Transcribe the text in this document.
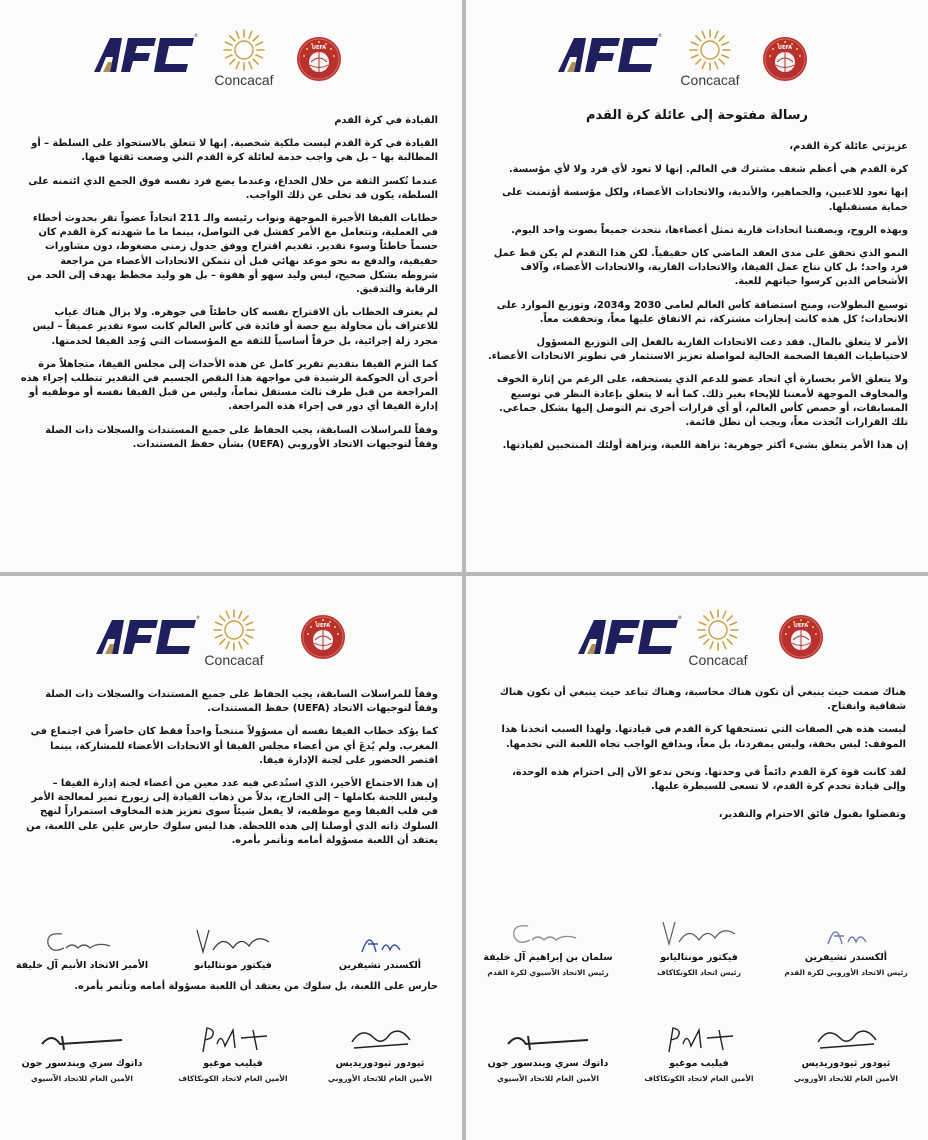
Concacaf
رسالة مفتوحة إلى عائلة كرة القدم

عزيزتي عائلة كرة القدم،

كرة القدم هي أعظم شغف مشترك في العالم. إنها لا تعود لأي فرد ولا لأي مؤسسة.

إنها تعود للاعبين، والجماهير، والأندية، والاتحادات الأعضاء، ولكل مؤسسة أؤتمنت على حماية مستقبلها.

وبهذه الروح، وبصفتنا اتحادات قارية تمثل أعضاءها، نتحدث جميعاً بصوت واحد اليوم.

النمو الذي تحقق على مدى العقد الماضي كان حقيقياً. لكن هذا التقدم لم يكن قط عمل فرد واحد؛ بل كان نتاج عمل الفيفا، والاتحادات القارية، والاتحادات الأعضاء، وآلاف الأشخاص الذين كرسوا حياتهم للعبة.

توسيع البطولات، ومنح استضافة كأس العالم لعامي 2030 و2034، وتوزيع الموارد على الاتحادات؛ كل هذه كانت إنجازات مشتركة، تم الاتفاق عليها معاً، وتحققت معاً.

الأمر لا يتعلق بالمال. فقد دعت الاتحادات القارية بالفعل إلى التوزيع المسؤول لاحتياطيات الفيفا الضخمة الحالية لمواصلة تعزيز الاستثمار في تطوير الاتحادات الأعضاء.

ولا يتعلق الأمر بخسارة أي اتحاد عضو للدعم الذي يستحقه، على الرغم من إثارة الخوف والمخاوف الموجهة لأمعننا للإيحاء بغير ذلك. كما أنه لا يتعلق بإعادة النظر في توسيع المسابقات، أو حصص كأس العالم، أو أي قرارات أخرى تم التوصل إليها بشكل جماعي. تلك القرارات اتُخذت معاً، ويجب أن تظل قائمة.

إن هذا الأمر يتعلق بشيء أكثر جوهرية: نزاهة اللعبة، ونزاهة أولئك المنتخبين لقيادتها.

Concacaf

القيادة في كرة القدم

القيادة في كرة القدم ليست ملكية شخصية. إنها لا تتعلق بالاستحواذ على السلطة – أو المطالبة بها – بل هي واجب خدمة لعائلة كرة القدم التي وضعت ثقتها فيها.

عندما تُكسر الثقة من خلال الخداع، وعندما يضع فرد نفسه فوق الجمع الذي ائتمنه على السلطة، يكون قد تخلى عن ذلك الواجب.

خطابات الفيفا الأخيرة الموجهة ونواب رئيسه والـ 211 اتحاداً عضواً تقر بحدوث أخطاء في العملية، وتتعامل مع الأمر كفشل في التواصل، بينما ما ما شهدته كرة القدم كان حسماً خاطئاً وسوء تقدير. تقديم اقتراح ووفق جدول زمني مضغوط، دون مشاورات حقيقية، والدفع به نحو موعد نهائي قبل أن تتمكن الاتحادات الأعضاء من مراجعة شروطه بشكل صحيح، ليس وليد سهو أو هفوة – بل هو وليد مخطط يهدف إلى الحد من الرقابة والتدقيق.

لم يعترف الخطاب بأن الاقتراح نفسه كان خاطئاً في جوهره. ولا يزال هناك غياب للاعتراف بأن محاولة بيع حصة أو فائدة في كأس العالم كانت سوء تقدير عميقاً – ليس مجرد زلة إجرائية، بل خرقاً أساسياً للثقة مع المؤسسات التي وُجد الفيفا لخدمتها.

كما التزم الفيفا بتقديم تقرير كامل عن هذه الأحداث إلى مجلس الفيفا، متجاهلاً مرة أخرى أن الحوكمة الرشيدة في مواجهة هذا النقص الجسيم في التقدير تتطلب إجراء هذه المراجعة من قبل طرف ثالث مستقل تماماً، وليس من قبل الفيفا نفسه أو موظفيه أو إدارة الفيفا أي دور في إجراء هذه المراجعة.

وفقاً للمراسلات السابقة، يجب الحفاظ على جميع المستندات والسجلات ذات الصلة وفقاً لتوجيهات الاتحاد الأوروبي (UEFA) بشأن حفظ المستندات.

Concacaf

هناك صمت حيث ينبغي أن تكون هناك محاسبة، وهناك تباعد حيث ينبغي أن تكون هناك شفافية وانفتاح.

ليست هذه هي الصفات التي تستحقها كرة القدم في قيادتها. ولهذا السبب اتخذنا هذا الموقف: ليس بخفة، وليس بمفردنا، بل معاً، وبدافع الواجب تجاه اللعبة التي نخدمها.

لقد كانت قوة كرة القدم دائماً في وحدتها. ونحن ندعو الآن إلى احترام هذه الوحدة، وإلى قيادة تخدم كرة القدم، لا تسعى للسيطرة عليها.

وتفضلوا بقبول فائق الاحترام والتقدير،

ألكسندر تشيفرين
رئيس الاتحاد الأوروبي لكرة القدم
فيكتور مونتاليانو
رئيس اتحاد الكونكاكاف
سلمان بن إبراهيم آل خليفة
رئيس الاتحاد الآسيوي لكرة القدم
ثيودور ثيودوريديس
الأمين العام للاتحاد الأوروبي
فيليب موغيو
الأمين العام لاتحاد الكونكاكاف
داتوك سري ويندسور جون
الأمين العام للاتحاد الآسيوي
Concacaf

وفقاً للمراسلات السابقة، يجب الحفاظ على جميع المستندات والسجلات ذات الصلة وفقاً لتوجيهات الاتحاد (UEFA) حفظ المستندات.

كما يؤكد خطاب الفيفا نفسه أن مسؤولاً منتخباً واحداً فقط كان حاضراً في اجتماع في المغرب. ولم يُدعَ أي من أعضاء مجلس الفيفا أو الاتحادات الأعضاء للمشاركة، بينما اقتصر الحضور على لجنة الإدارة فيفا.

إن هذا الاجتماع الأخير، الذي استُدعي فيه عدد معين من أعضاء لجنة إدارة الفيفا – وليس اللجنة بكاملها – إلى الخارج، بدلاً من ذهاب القيادة إلى زيورخ تمير لمعالجة الأمر في قلب الفيفا ومع موظفيه، لا يفعل شيئاً سوى تعزيز هذه المخاوف استمراراً لنهج السلوك ذاته الذي أوصلنا إلى هذه اللحظة. هذا ليس سلوك حارس علين على اللعبة، من يعتقد أن اللعبة مسؤولة أمامه وتأتمر بأمره.

ألكسندر تشيفرين
فيكتور مونتاليانو
الأمير الاتحاد الأنيم آل خليفة
حارس على اللعبة، بل سلوك من يعتقد أن اللعبة مسؤولة أمامه وتأتمر بأمره.
ثيودور ثيودوريديس
الأمين العام للاتحاد الأوروبي
فيليب موغيو
الأمين العام لاتحاد الكونكاكاف
داتوك سري ويندسور جون
الأمين العام للاتحاد الآسيوي
